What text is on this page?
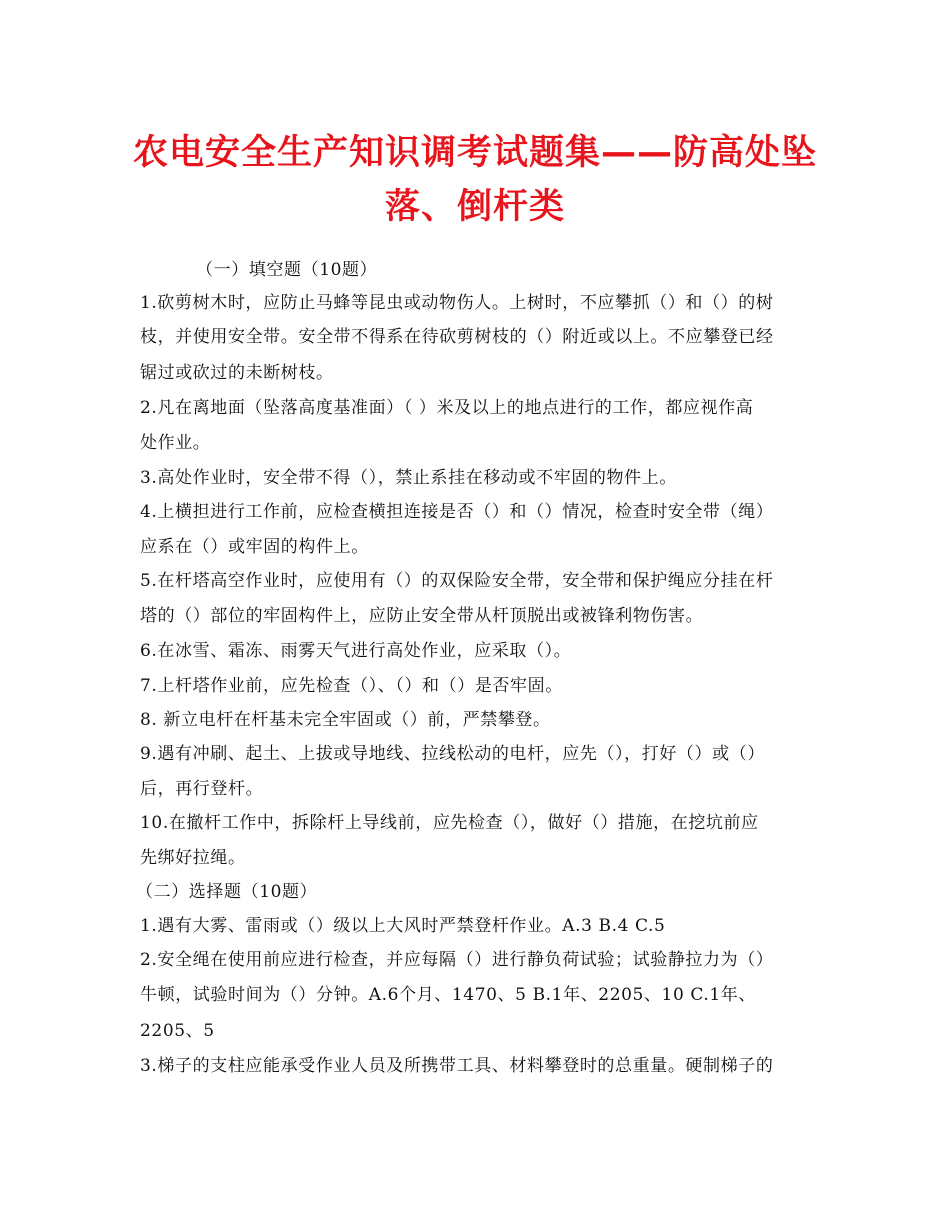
农电安全生产知识调考试题集——防高处坠
落、倒杆类
（一）填空题（10题）
1.砍剪树木时，应防止马蜂等昆虫或动物伤人。上树时，不应攀抓（）和（）的树
枝，并使用安全带。安全带不得系在待砍剪树枝的（）附近或以上。不应攀登已经
锯过或砍过的未断树枝。
2.凡在离地面（坠落高度基准面）（ ）米及以上的地点进行的工作，都应视作高
处作业。
3.高处作业时，安全带不得（），禁止系挂在移动或不牢固的物件上。
4.上横担进行工作前，应检查横担连接是否（）和（）情况，检查时安全带（绳）
应系在（）或牢固的构件上。
5.在杆塔高空作业时，应使用有（）的双保险安全带，安全带和保护绳应分挂在杆
塔的（）部位的牢固构件上，应防止安全带从杆顶脱出或被锋利物伤害。
6.在冰雪、霜冻、雨雾天气进行高处作业，应采取（）。
7.上杆塔作业前，应先检查（）、（）和（）是否牢固。
8. 新立电杆在杆基未完全牢固或（）前，严禁攀登。
9.遇有冲刷、起土、上拔或导地线、拉线松动的电杆，应先（），打好（）或（）
后，再行登杆。
10.在撤杆工作中，拆除杆上导线前，应先检查（），做好（）措施，在挖坑前应
先绑好拉绳。
（二）选择题（10题）
1.遇有大雾、雷雨或（）级以上大风时严禁登杆作业。A.3 B.4 C.5
2.安全绳在使用前应进行检查，并应每隔（）进行静负荷试验；试验静拉力为（）
牛顿，试验时间为（）分钟。A.6个月、1470、5 B.1年、2205、10 C.1年、
2205、5
3.梯子的支柱应能承受作业人员及所携带工具、材料攀登时的总重量。硬制梯子的
